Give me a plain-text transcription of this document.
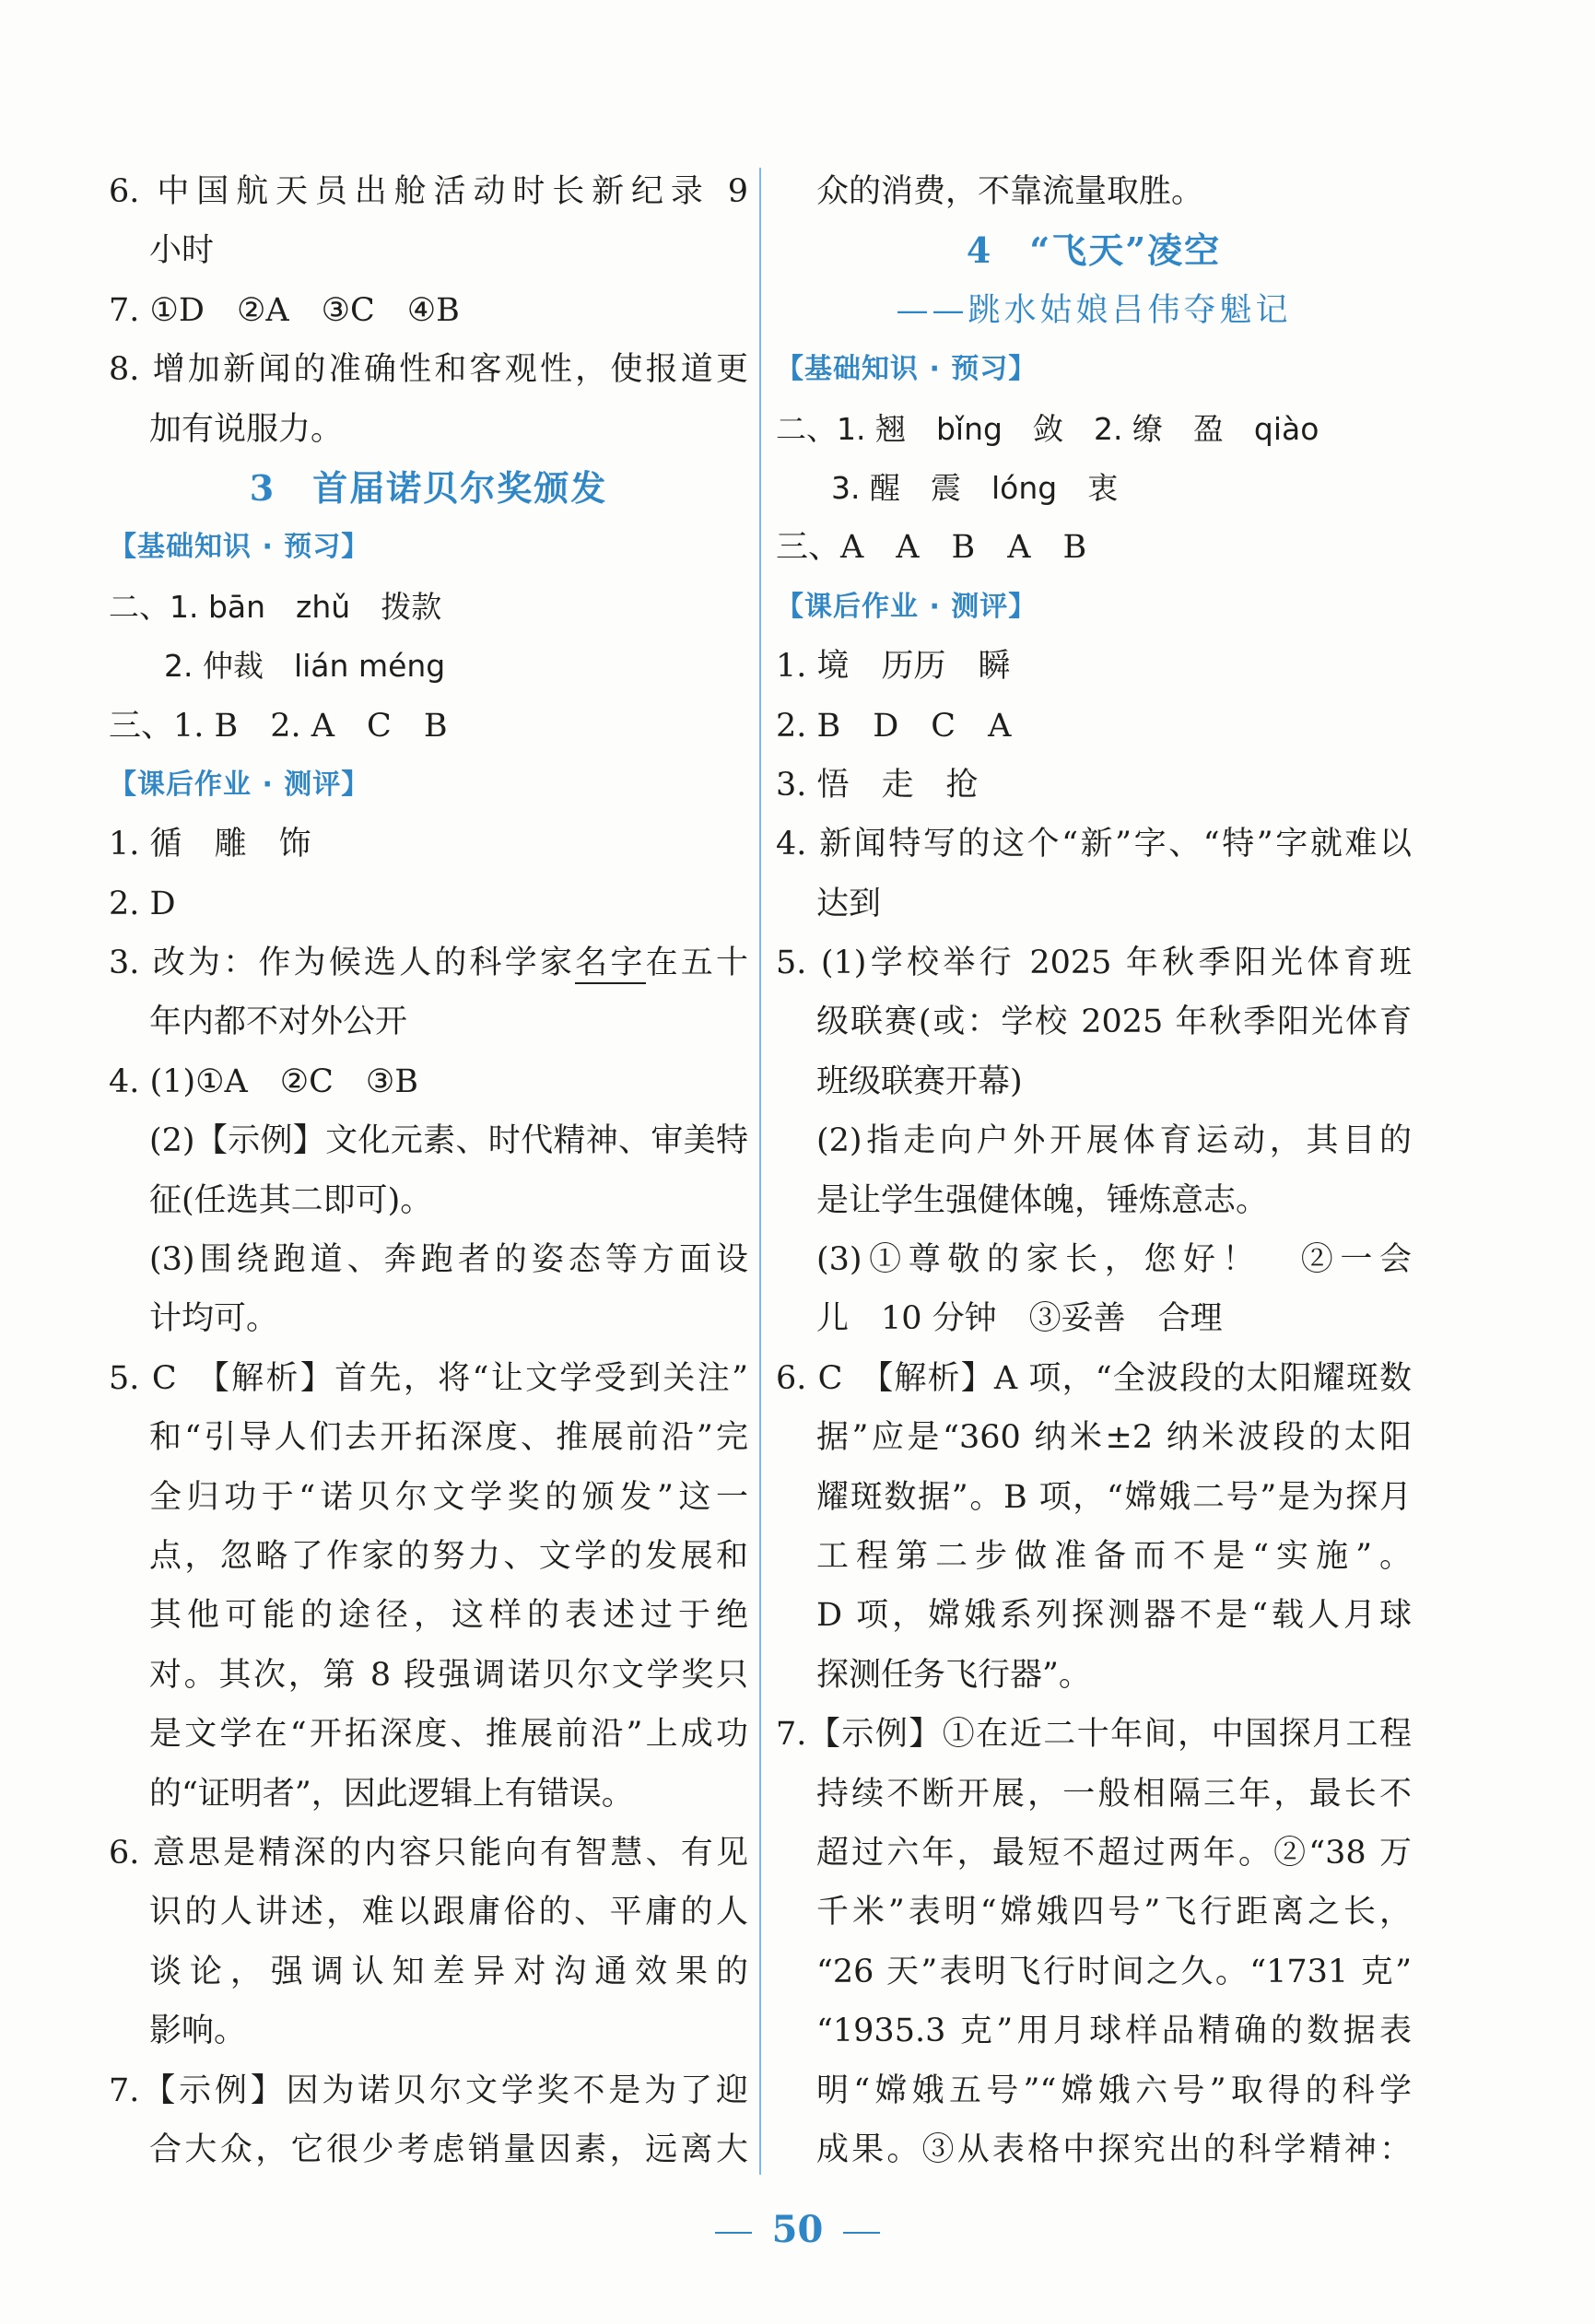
6. 中国航天员出舱活动时长新纪录 9
小时
7. ①D　②A　③C　④B
8. 增加新闻的准确性和客观性，使报道更
加有说服力。
3　首届诺贝尔奖颁发
【基础知识 · 预习】
二、1. bān　zhǔ　拨款
2. 仲裁　lián méng
三、1. B　2. A　C　B
【课后作业 · 测评】
1. 循　雕　饰
2. D
3. 改为：作为候选人的科学家名字在五十
年内都不对外公开
4. (1)①A　②C　③B
(2)【示例】文化元素、时代精神、审美特
征(任选其二即可)。
(3)围绕跑道、奔跑者的姿态等方面设
计均可。
5. C　【解析】首先，将“让文学受到关注”
和“引导人们去开拓深度、推展前沿”完
全归功于“诺贝尔文学奖的颁发”这一
点，忽略了作家的努力、文学的发展和
其他可能的途径，这样的表述过于绝
对。其次，第 8 段强调诺贝尔文学奖只
是文学在“开拓深度、推展前沿”上成功
的“证明者”，因此逻辑上有错误。
6. 意思是精深的内容只能向有智慧、有见
识的人讲述，难以跟庸俗的、平庸的人
谈论，强调认知差异对沟通效果的
影响。
7.【示例】因为诺贝尔文学奖不是为了迎
合大众，它很少考虑销量因素，远离大
众的消费，不靠流量取胜。
4　“飞天”凌空
——跳水姑娘吕伟夺魁记
【基础知识 · 预习】
二、1. 翘　bǐng　敛　2. 缭　盈　qiào
3. 醒　震　lóng　衷
三、A　A　B　A　B
【课后作业 · 测评】
1. 境　历历　瞬
2. B　D　C　A
3. 悟　走　抢
4. 新闻特写的这个“新”字、“特”字就难以
达到
5. (1)学校举行 2025 年秋季阳光体育班
级联赛(或：学校 2025 年秋季阳光体育
班级联赛开幕)
(2)指走向户外开展体育运动，其目的
是让学生强健体魄，锤炼意志。
(3)①尊敬的家长，您好！　②一会
儿　10 分钟　③妥善　合理
6. C　【解析】A 项，“全波段的太阳耀斑数
据”应是“360 纳米±2 纳米波段的太阳
耀斑数据”。B 项，“嫦娥二号”是为探月
工程第二步做准备而不是“实施”。
D 项，嫦娥系列探测器不是“载人月球
探测任务飞行器”。
7.【示例】①在近二十年间，中国探月工程
持续不断开展，一般相隔三年，最长不
超过六年，最短不超过两年。②“38 万
千米”表明“嫦娥四号”飞行距离之长，
“26 天”表明飞行时间之久。“1731 克”
“1935.3 克”用月球样品精确的数据表
明“嫦娥五号”“嫦娥六号”取得的科学
成果。③从表格中探究出的科学精神：
50
